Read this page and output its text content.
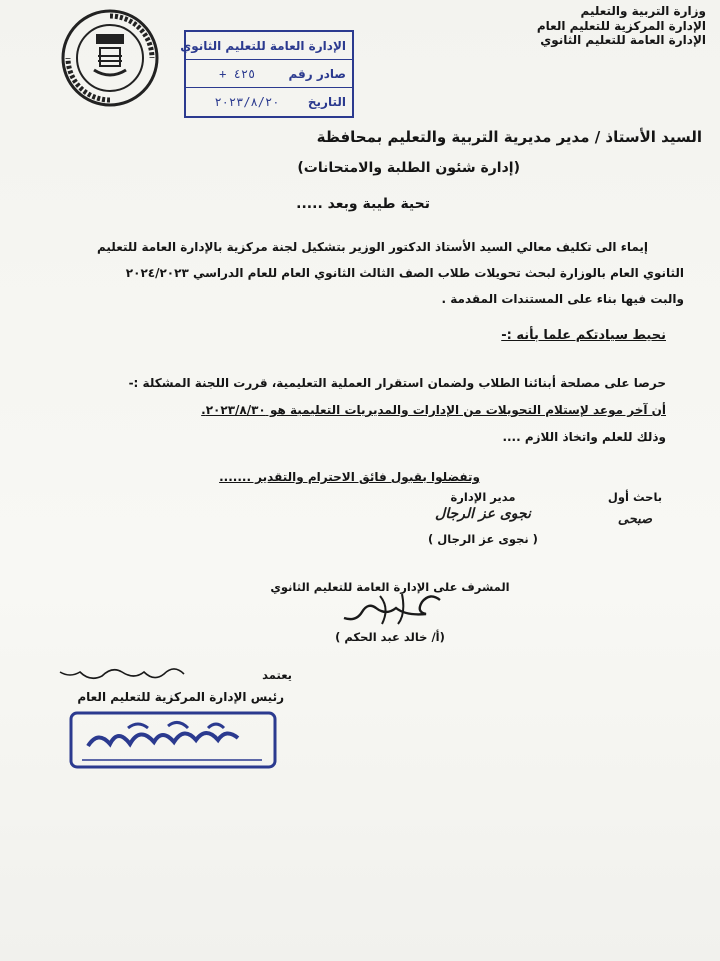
وزارة التربية والتعليم
الإدارة المركزية للتعليم العام
الإدارة العامة للتعليم الثانوي
الإدارة العامة للتعليم الثانوي
صادر رقم
٤٢٥ +
التاريخ
٢٠٢٣/٨/٢٠
السيد الأستاذ / مدير مديرية التربية والتعليم بمحافظة
(إدارة شئون الطلبة والامتحانات)
تحية طيبة وبعد .....
إيماء الى تكليف معالي السيد الأستاذ الدكتور الوزير بتشكيل لجنة مركزية بالإدارة العامة للتعليم
الثانوي العام بالوزارة لبحث تحويلات طلاب الصف الثالث الثانوي العام للعام الدراسي ٢٠٢٤/٢٠٢٣
والبت فيها بناء على المستندات المقدمة .
نحيط سيادتكم علما بأنه :-
حرصا على مصلحة أبنائنا الطلاب ولضمان استقرار العملية التعليمية، قررت اللجنة المشكلة :-
أن آخر موعد لإستلام التحويلات من الإدارات والمديريات التعليمية هو ٢٠٢٣/٨/٣٠.
وذلك للعلم واتخاذ اللازم ....
وتفضلوا بقبول فائق الاحترام والتقدير .......
باحث أول
صبحى
مدير الإدارة
نجوى عز الرجال
( نجوى عز الرجال )
المشرف على الإدارة العامة للتعليم الثانوي
(أ/ خالد عبد الحكم )
يعتمد
رئيس الإدارة المركزية للتعليم العام
